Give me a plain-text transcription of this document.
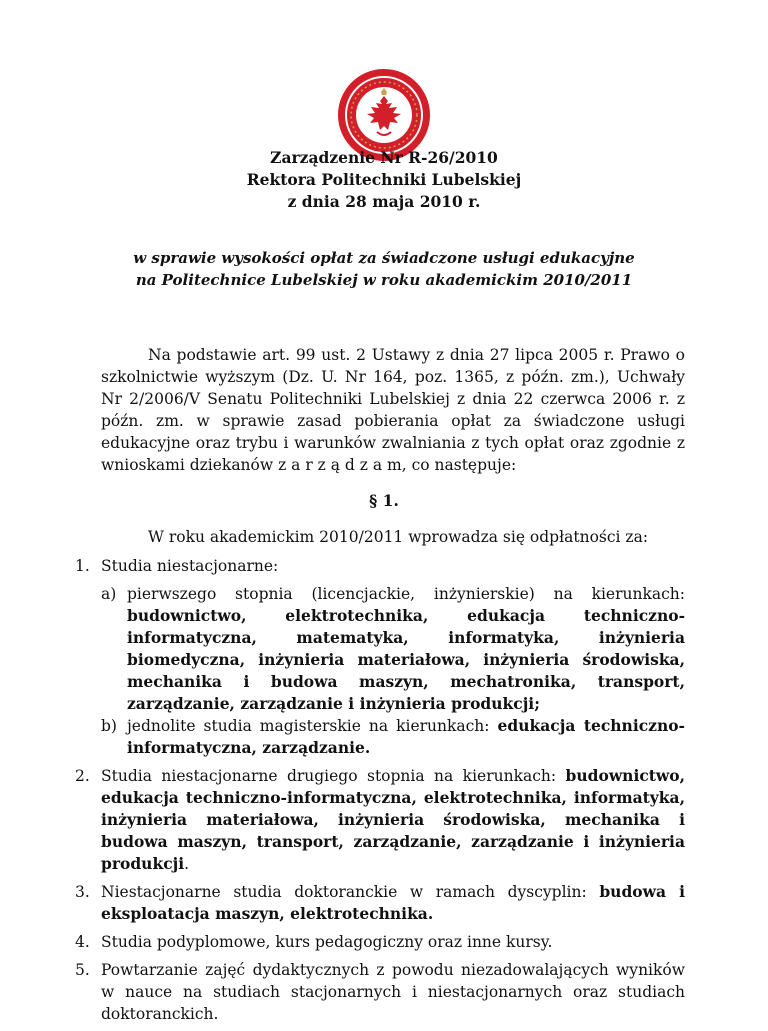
Zarządzenie Nr R-26/2010
Rektora Politechniki Lubelskiej
z dnia 28 maja 2010 r.
w sprawie wysokości opłat za świadczone usługi edukacyjne
na Politechnice Lubelskiej w roku akademickim 2010/2011
Na podstawie art. 99 ust. 2 Ustawy z dnia 27 lipca 2005 r. Prawo o szkolnictwie wyższym (Dz. U. Nr 164, poz. 1365, z późn. zm.), Uchwały Nr 2/2006/V Senatu Politechniki Lubelskiej z dnia 22 czerwca 2006 r. z późn. zm. w sprawie zasad pobierania opłat za świadczone usługi edukacyjne oraz trybu i warunków zwalniania z tych opłat oraz zgodnie z wnioskami dziekanów z a r z ą d z a m, co następuje:
§ 1.
W roku akademickim 2010/2011 wprowadza się odpłatności za:
1. Studia niestacjonarne:
a) pierwszego stopnia (licencjackie, inżynierskie) na kierunkach: budownictwo, elektrotechnika, edukacja techniczno-informatyczna, matematyka, informatyka, inżynieria biomedyczna, inżynieria materiałowa, inżynieria środowiska, mechanika i budowa maszyn, mechatronika, transport, zarządzanie, zarządzanie i inżynieria produkcji;
b) jednolite studia magisterskie na kierunkach: edukacja techniczno-informatyczna, zarządzanie.
2. Studia niestacjonarne drugiego stopnia na kierunkach: budownictwo, edukacja techniczno-informatyczna, elektrotechnika, informatyka, inżynieria materiałowa, inżynieria środowiska, mechanika i budowa maszyn, transport, zarządzanie, zarządzanie i inżynieria produkcji.
3. Niestacjonarne studia doktoranckie w ramach dyscyplin: budowa i eksploatacja maszyn, elektrotechnika.
4. Studia podyplomowe, kurs pedagogiczny oraz inne kursy.
5. Powtarzanie zajęć dydaktycznych z powodu niezadowalających wyników w nauce na studiach stacjonarnych i niestacjonarnych oraz studiach doktoranckich.
